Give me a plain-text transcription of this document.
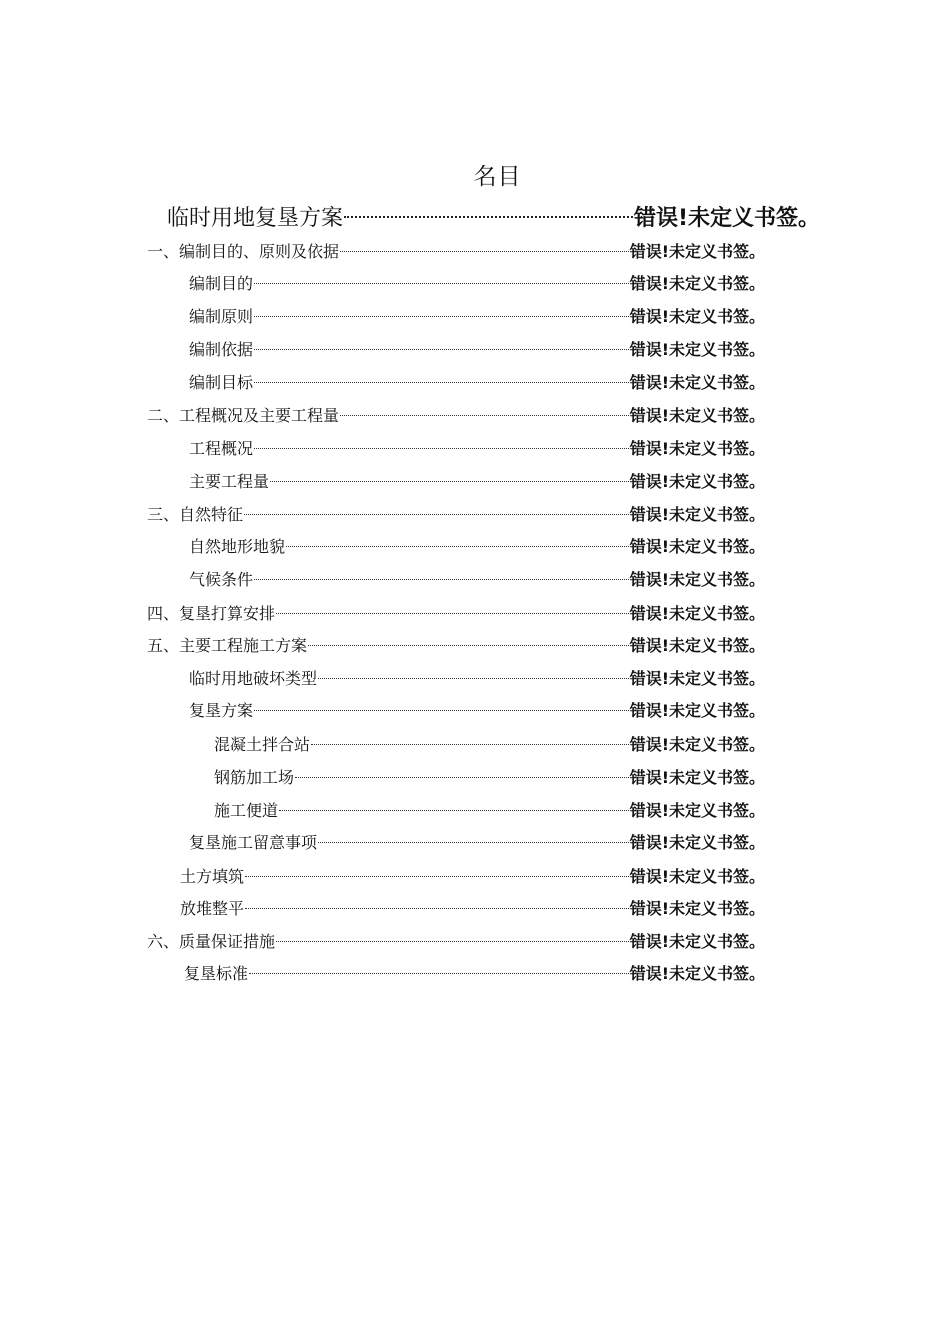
名目
临时用地复垦方案	错误!未定义书签。
一、编制目的、原则及依据	错误!未定义书签。
编制目的	错误!未定义书签。
编制原则	错误!未定义书签。
编制依据	错误!未定义书签。
编制目标	错误!未定义书签。
二、工程概况及主要工程量	错误!未定义书签。
工程概况	错误!未定义书签。
主要工程量	错误!未定义书签。
三、自然特征	错误!未定义书签。
自然地形地貌	错误!未定义书签。
气候条件	错误!未定义书签。
四、复垦打算安排	错误!未定义书签。
五、主要工程施工方案	错误!未定义书签。
临时用地破坏类型	错误!未定义书签。
复垦方案	错误!未定义书签。
混凝土拌合站	错误!未定义书签。
钢筋加工场	错误!未定义书签。
施工便道	错误!未定义书签。
复垦施工留意事项	错误!未定义书签。
土方填筑	错误!未定义书签。
放堆整平	错误!未定义书签。
六、质量保证措施	错误!未定义书签。
复垦标准	错误!未定义书签。
